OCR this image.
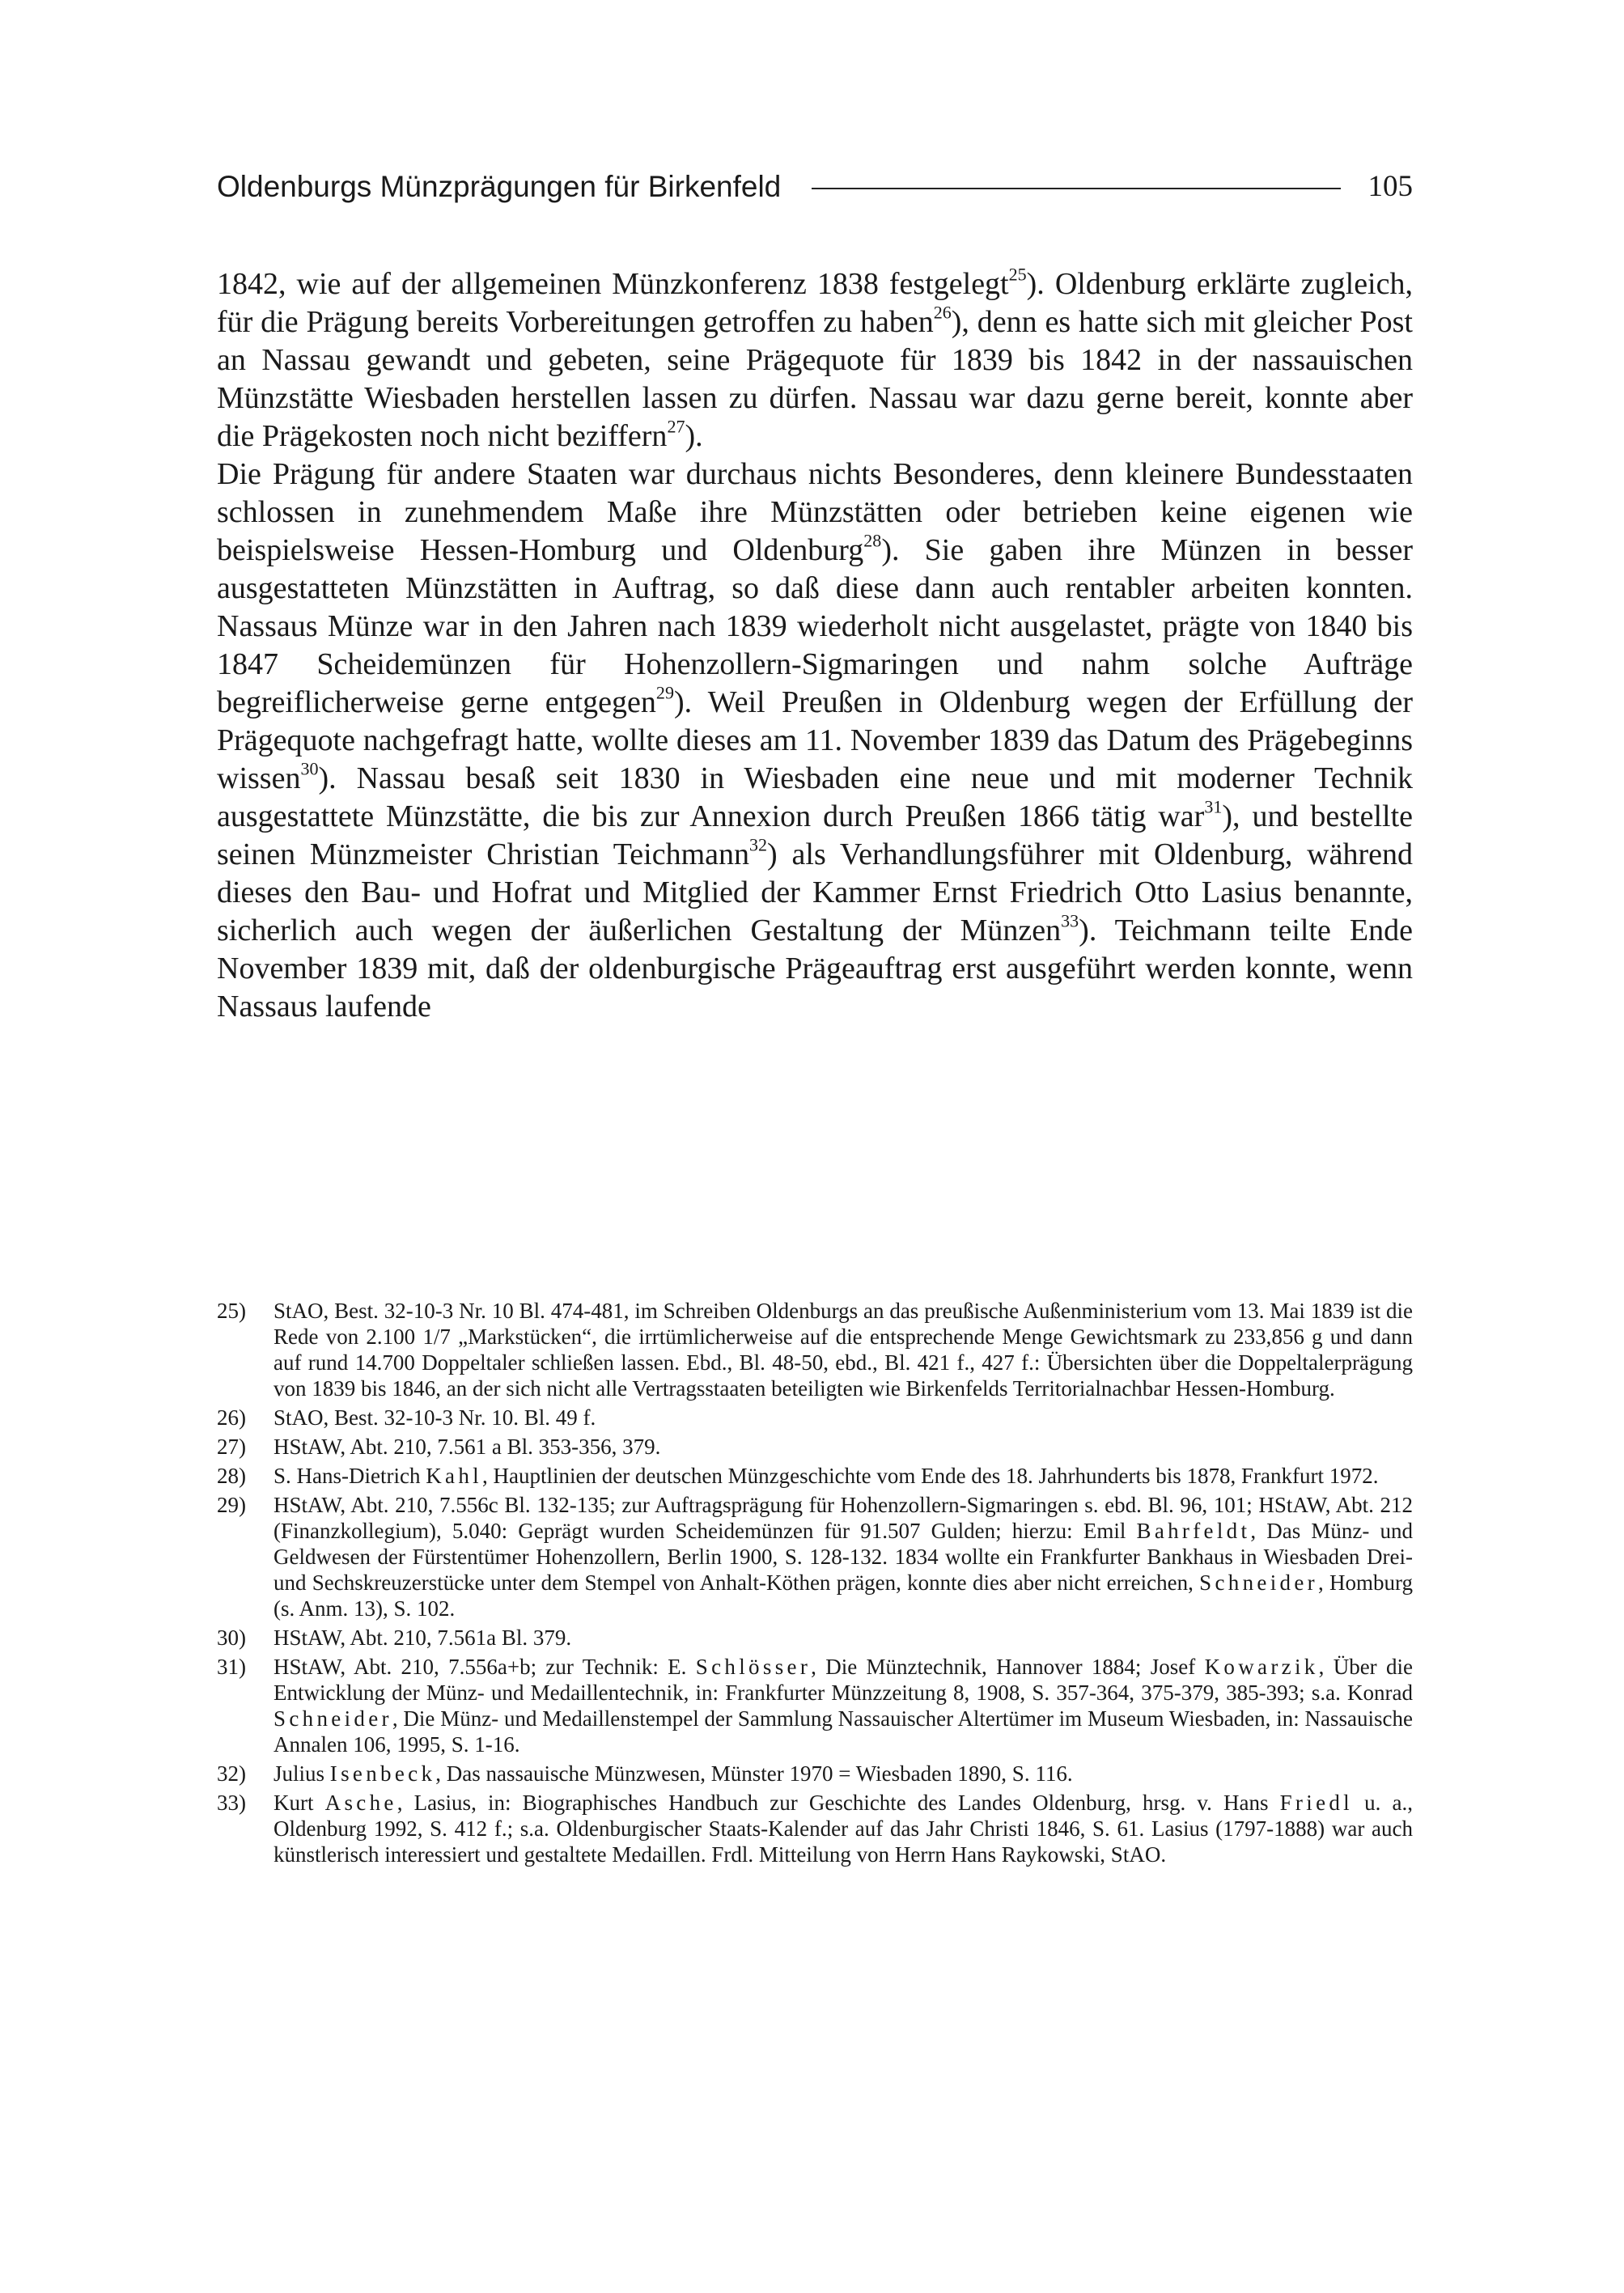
Oldenburgs Münzprägungen für Birkenfeld	105

1842, wie auf der allgemeinen Münzkonferenz 1838 festgelegt$^{25}$). Oldenburg erklärte zugleich, für die Prägung bereits Vorbereitungen getroffen zu haben$^{26}$), denn es hatte sich mit gleicher Post an Nassau gewandt und gebeten, seine Prägequote für 1839 bis 1842 in der nassauischen Münzstätte Wiesbaden herstellen lassen zu dürfen. Nassau war dazu gerne bereit, konnte aber die Prägekosten noch nicht beziffern$^{27}$).

Die Prägung für andere Staaten war durchaus nichts Besonderes, denn kleinere Bundesstaaten schlossen in zunehmendem Maße ihre Münzstätten oder betrieben keine eigenen wie beispielsweise Hessen-Homburg und Oldenburg$^{28}$). Sie gaben ihre Münzen in besser ausgestatteten Münzstätten in Auftrag, so daß diese dann auch rentabler arbeiten konnten. Nassaus Münze war in den Jahren nach 1839 wiederholt nicht ausgelastet, prägte von 1840 bis 1847 Scheidemünzen für Hohenzollern-Sigmaringen und nahm solche Aufträge begreiflicherweise gerne entgegen$^{29}$). Weil Preußen in Oldenburg wegen der Erfüllung der Prägequote nachgefragt hatte, wollte dieses am 11. November 1839 das Datum des Prägebeginns wissen$^{30}$). Nassau besaß seit 1830 in Wiesbaden eine neue und mit moderner Technik ausgestattete Münzstätte, die bis zur Annexion durch Preußen 1866 tätig war$^{31}$), und bestellte seinen Münzmeister Christian Teichmann$^{32}$) als Verhandlungsführer mit Oldenburg, während dieses den Bau- und Hofrat und Mitglied der Kammer Ernst Friedrich Otto Lasius benannte, sicherlich auch wegen der äußerlichen Gestaltung der Münzen$^{33}$). Teichmann teilte Ende November 1839 mit, daß der oldenburgische Prägeauftrag erst ausgeführt werden konnte, wenn Nassaus laufende

25)	StAO, Best. 32-10-3 Nr. 10 Bl. 474-481, im Schreiben Oldenburgs an das preußische Außenministerium vom 13. Mai 1839 ist die Rede von 2.100 1/7 „Markstücken“, die irrtümlicherweise auf die entsprechende Menge Gewichtsmark zu 233,856 g und dann auf rund 14.700 Doppeltaler schließen lassen. Ebd., Bl. 48-50, ebd., Bl. 421 f., 427 f.: Übersichten über die Doppeltalerprägung von 1839 bis 1846, an der sich nicht alle Vertragsstaaten beteiligten wie Birkenfelds Territorialnachbar Hessen-Homburg.
26)	StAO, Best. 32-10-3 Nr. 10. Bl. 49 f.
27)	HStAW, Abt. 210, 7.561 a Bl. 353-356, 379.
28)	S. Hans-Dietrich Kahl, Hauptlinien der deutschen Münzgeschichte vom Ende des 18. Jahrhunderts bis 1878, Frankfurt 1972.
29)	HStAW, Abt. 210, 7.556c Bl. 132-135; zur Auftragsprägung für Hohenzollern-Sigmaringen s. ebd. Bl. 96, 101; HStAW, Abt. 212 (Finanzkollegium), 5.040: Geprägt wurden Scheidemünzen für 91.507 Gulden; hierzu: Emil Bahrfeldt, Das Münz- und Geldwesen der Fürstentümer Hohenzollern, Berlin 1900, S. 128-132. 1834 wollte ein Frankfurter Bankhaus in Wiesbaden Drei- und Sechskreuzerstücke unter dem Stempel von Anhalt-Köthen prägen, konnte dies aber nicht erreichen, Schneider, Homburg (s. Anm. 13), S. 102.
30)	HStAW, Abt. 210, 7.561a Bl. 379.
31)	HStAW, Abt. 210, 7.556a+b; zur Technik: E. Schlösser, Die Münztechnik, Hannover 1884; Josef Kowarzik, Über die Entwicklung der Münz- und Medaillentechnik, in: Frankfurter Münzzeitung 8, 1908, S. 357-364, 375-379, 385-393; s.a. Konrad Schneider, Die Münz- und Medaillenstempel der Sammlung Nassauischer Altertümer im Museum Wiesbaden, in: Nassauische Annalen 106, 1995, S. 1-16.
32)	Julius Isenbeck, Das nassauische Münzwesen, Münster 1970 = Wiesbaden 1890, S. 116.
33)	Kurt Asche, Lasius, in: Biographisches Handbuch zur Geschichte des Landes Oldenburg, hrsg. v. Hans Friedl u. a., Oldenburg 1992, S. 412 f.; s.a. Oldenburgischer Staats-Kalender auf das Jahr Christi 1846, S. 61. Lasius (1797-1888) war auch künstlerisch interessiert und gestaltete Medaillen. Frdl. Mitteilung von Herrn Hans Raykowski, StAO.
